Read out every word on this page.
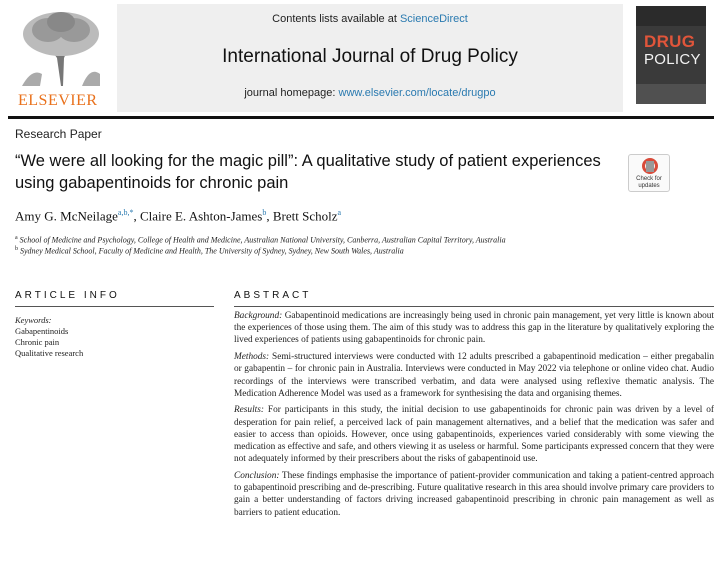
ELSEVIER
Contents lists available at ScienceDirect
International Journal of Drug Policy
journal homepage: www.elsevier.com/locate/drugpo
DRUG
POLICY
Research Paper
“We were all looking for the magic pill”: A qualitative study of patient experiences using gabapentinoids for chronic pain	Check for
updates
Amy G. McNeilage$^{a,b,*}$, Claire E. Ashton-James$^b$, Brett Scholz$^a$
$^a$ School of Medicine and Psychology, College of Health and Medicine, Australian National University, Canberra, Australian Capital Territory, Australia
$^b$ Sydney Medical School, Faculty of Medicine and Health, The University of Sydney, Sydney, New South Wales, Australia
ARTICLE INFO	ABSTRACT
Keywords:
Gabapentinoids
Chronic pain
Qualitative research
Background: Gabapentinoid medications are increasingly being used in chronic pain management, yet very little is known about the experiences of those using them. The aim of this study was to address this gap in the literature by qualitatively exploring the lived experiences of patients using gabapentinoids for chronic pain.
Methods: Semi-structured interviews were conducted with 12 adults prescribed a gabapentinoid medication – either pregabalin or gabapentin – for chronic pain in Australia. Interviews were conducted in May 2022 via telephone or online video chat. Audio recordings of the interviews were transcribed verbatim, and data were analysed using reflexive thematic analysis. The Medication Adherence Model was used as a framework for synthesising the data and organising themes.
Results: For participants in this study, the initial decision to use gabapentinoids for chronic pain was driven by a level of desperation for pain relief, a perceived lack of pain management alternatives, and a belief that the medication was safer and easier to access than opioids. However, once using gabapentinoids, experiences varied considerably with some viewing the medication as effective and safe, and others viewing it as useless or harmful. Some participants expressed concern that they were not adequately informed by their prescribers about the risks of gabapentinoid use.
Conclusion: These findings emphasise the importance of patient-provider communication and taking a patient-centred approach to gabapentinoid prescribing and de-prescribing. Future qualitative research in this area should involve primary care providers to gain a better understanding of factors driving increased gabapentinoid prescribing in chronic pain management as well as barriers to patient education.
